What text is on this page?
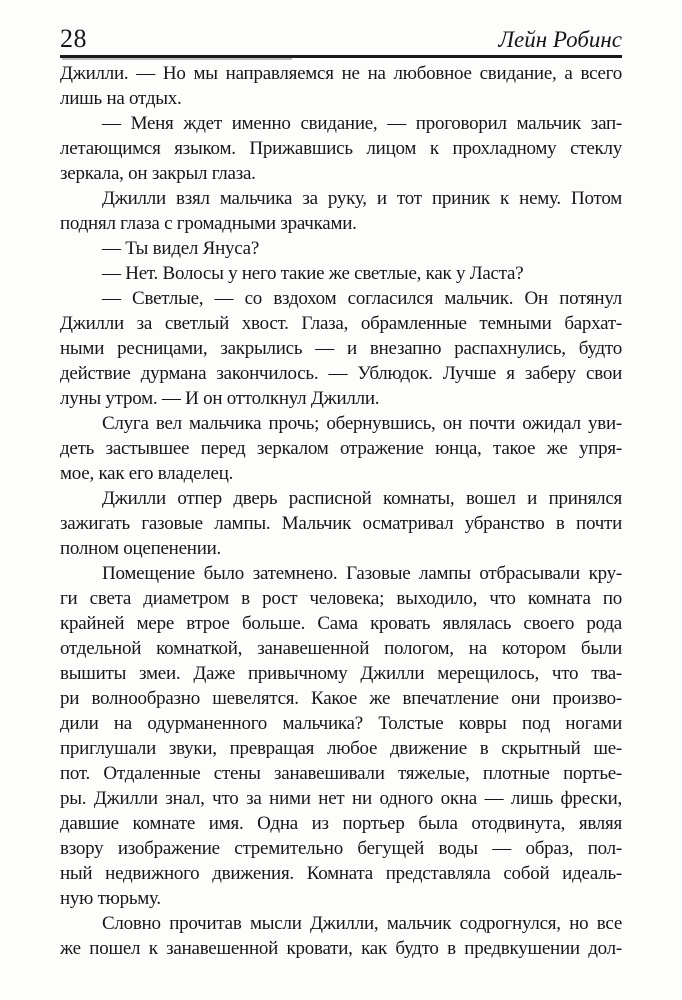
28	Лейн Робинс
Джилли. — Но мы направляемся не на любовное свидание, а всего
лишь на отдых.
— Меня ждет именно свидание, — проговорил мальчик зап-
летающимся языком. Прижавшись лицом к прохладному стеклу
зеркала, он закрыл глаза.
Джилли взял мальчика за руку, и тот приник к нему. Потом
поднял глаза с громадными зрачками.
— Ты видел Януса?
— Нет. Волосы у него такие же светлые, как у Ласта?
— Светлые, — со вздохом согласился мальчик. Он потянул
Джилли за светлый хвост. Глаза, обрамленные темными бархат-
ными ресницами, закрылись — и внезапно распахнулись, будто
действие дурмана закончилось. — Ублюдок. Лучше я заберу свои
луны утром. — И он оттолкнул Джилли.
Слуга вел мальчика прочь; обернувшись, он почти ожидал уви-
деть застывшее перед зеркалом отражение юнца, такое же упря-
мое, как его владелец.
Джилли отпер дверь расписной комнаты, вошел и принялся
зажигать газовые лампы. Мальчик осматривал убранство в почти
полном оцепенении.
Помещение было затемнено. Газовые лампы отбрасывали кру-
ги света диаметром в рост человека; выходило, что комната по
крайней мере втрое больше. Сама кровать являлась своего рода
отдельной комнаткой, занавешенной пологом, на котором были
вышиты змеи. Даже привычному Джилли мерещилось, что тва-
ри волнообразно шевелятся. Какое же впечатление они произво-
дили на одурманенного мальчика? Толстые ковры под ногами
приглушали звуки, превращая любое движение в скрытный ше-
пот. Отдаленные стены занавешивали тяжелые, плотные портье-
ры. Джилли знал, что за ними нет ни одного окна — лишь фрески,
давшие комнате имя. Одна из портьер была отодвинута, являя
взору изображение стремительно бегущей воды — образ, пол-
ный недвижного движения. Комната представляла собой идеаль-
ную тюрьму.
Словно прочитав мысли Джилли, мальчик содрогнулся, но все
же пошел к занавешенной кровати, как будто в предвкушении дол-
